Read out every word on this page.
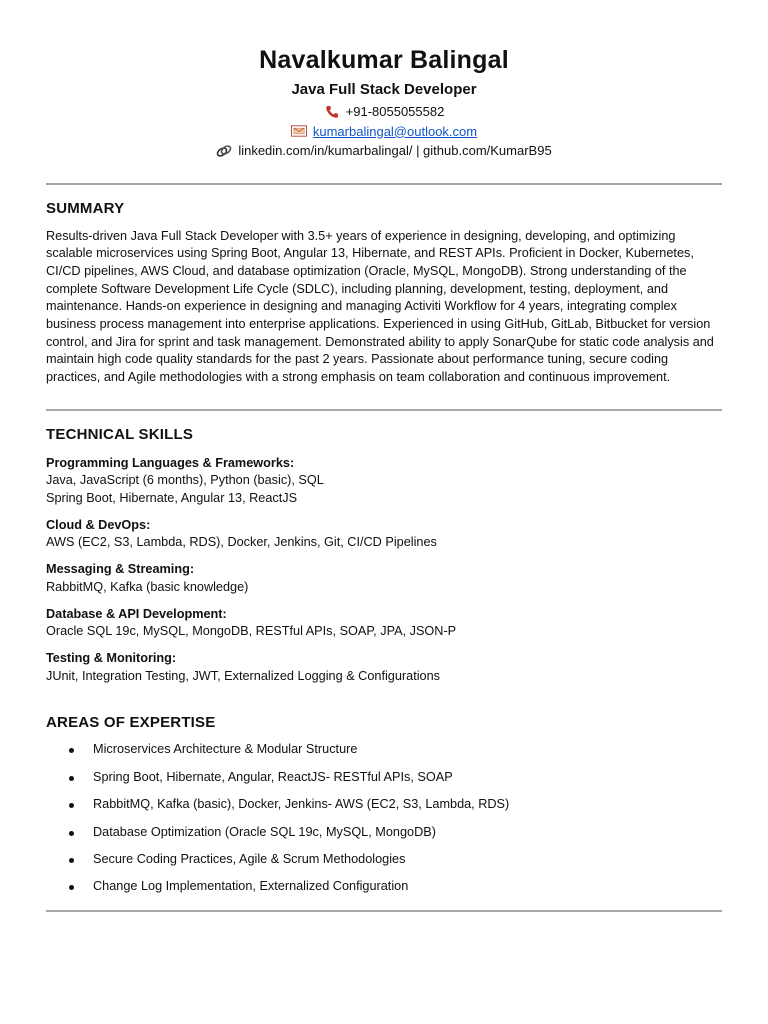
Navalkumar Balingal
Java Full Stack Developer
+91-8055055582
kumarbalingal@outlook.com
linkedin.com/in/kumarbalingal/ | github.com/KumarB95
SUMMARY
Results-driven Java Full Stack Developer with 3.5+ years of experience in designing, developing, and optimizing scalable microservices using Spring Boot, Angular 13, Hibernate, and REST APIs. Proficient in Docker, Kubernetes, CI/CD pipelines, AWS Cloud, and database optimization (Oracle, MySQL, MongoDB). Strong understanding of the complete Software Development Life Cycle (SDLC), including planning, development, testing, deployment, and maintenance. Hands-on experience in designing and managing Activiti Workflow for 4 years, integrating complex business process management into enterprise applications. Experienced in using GitHub, GitLab, Bitbucket for version control, and Jira for sprint and task management. Demonstrated ability to apply SonarQube for static code analysis and maintain high code quality standards for the past 2 years. Passionate about performance tuning, secure coding practices, and Agile methodologies with a strong emphasis on team collaboration and continuous improvement.
TECHNICAL SKILLS
Programming Languages & Frameworks:
Java, JavaScript (6 months), Python (basic), SQL
Spring Boot, Hibernate, Angular 13, ReactJS
Cloud & DevOps:
AWS (EC2, S3, Lambda, RDS), Docker, Jenkins, Git, CI/CD Pipelines
Messaging & Streaming:
RabbitMQ, Kafka (basic knowledge)
Database & API Development:
Oracle SQL 19c, MySQL, MongoDB, RESTful APIs, SOAP, JPA, JSON-P
Testing & Monitoring:
JUnit, Integration Testing, JWT, Externalized Logging & Configurations
AREAS OF EXPERTISE
Microservices Architecture & Modular Structure
Spring Boot, Hibernate, Angular, ReactJS- RESTful APIs, SOAP
RabbitMQ, Kafka (basic), Docker, Jenkins- AWS (EC2, S3, Lambda, RDS)
Database Optimization (Oracle SQL 19c, MySQL, MongoDB)
Secure Coding Practices, Agile & Scrum Methodologies
Change Log Implementation, Externalized Configuration
